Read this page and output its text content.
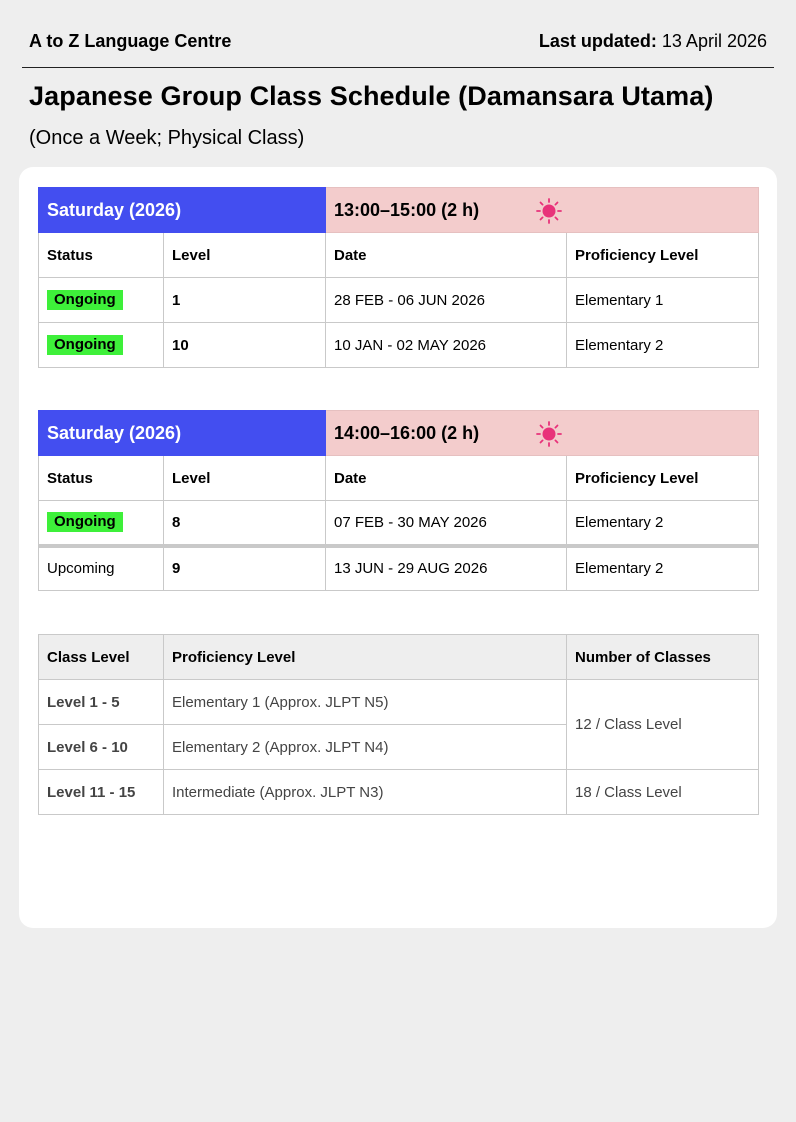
A to Z Language Centre	Last updated: 13 April 2026
Japanese Group Class Schedule (Damansara Utama)
(Once a Week; Physical Class)
Saturday (2026)		13:00–15:00 (2 h)	

Status	Level	Date	Proficiency Level
Ongoing	1	28 FEB - 06 JUN 2026	Elementary 1
Ongoing	10	10 JAN - 02 MAY 2026	Elementary 2
Saturday (2026)		14:00–16:00 (2 h)	

Status	Level	Date	Proficiency Level
Ongoing	8	07 FEB - 30 MAY 2026	Elementary 2
Upcoming	9	13 JUN - 29 AUG 2026	Elementary 2
Class Level	Proficiency Level	Number of Classes
Level 1 - 5	Elementary 1 (Approx. JLPT N5)	12 / Class Level
Level 6 - 10	Elementary 2 (Approx. JLPT N4)	
Level 11 - 15	Intermediate (Approx. JLPT N3)	18 / Class Level
